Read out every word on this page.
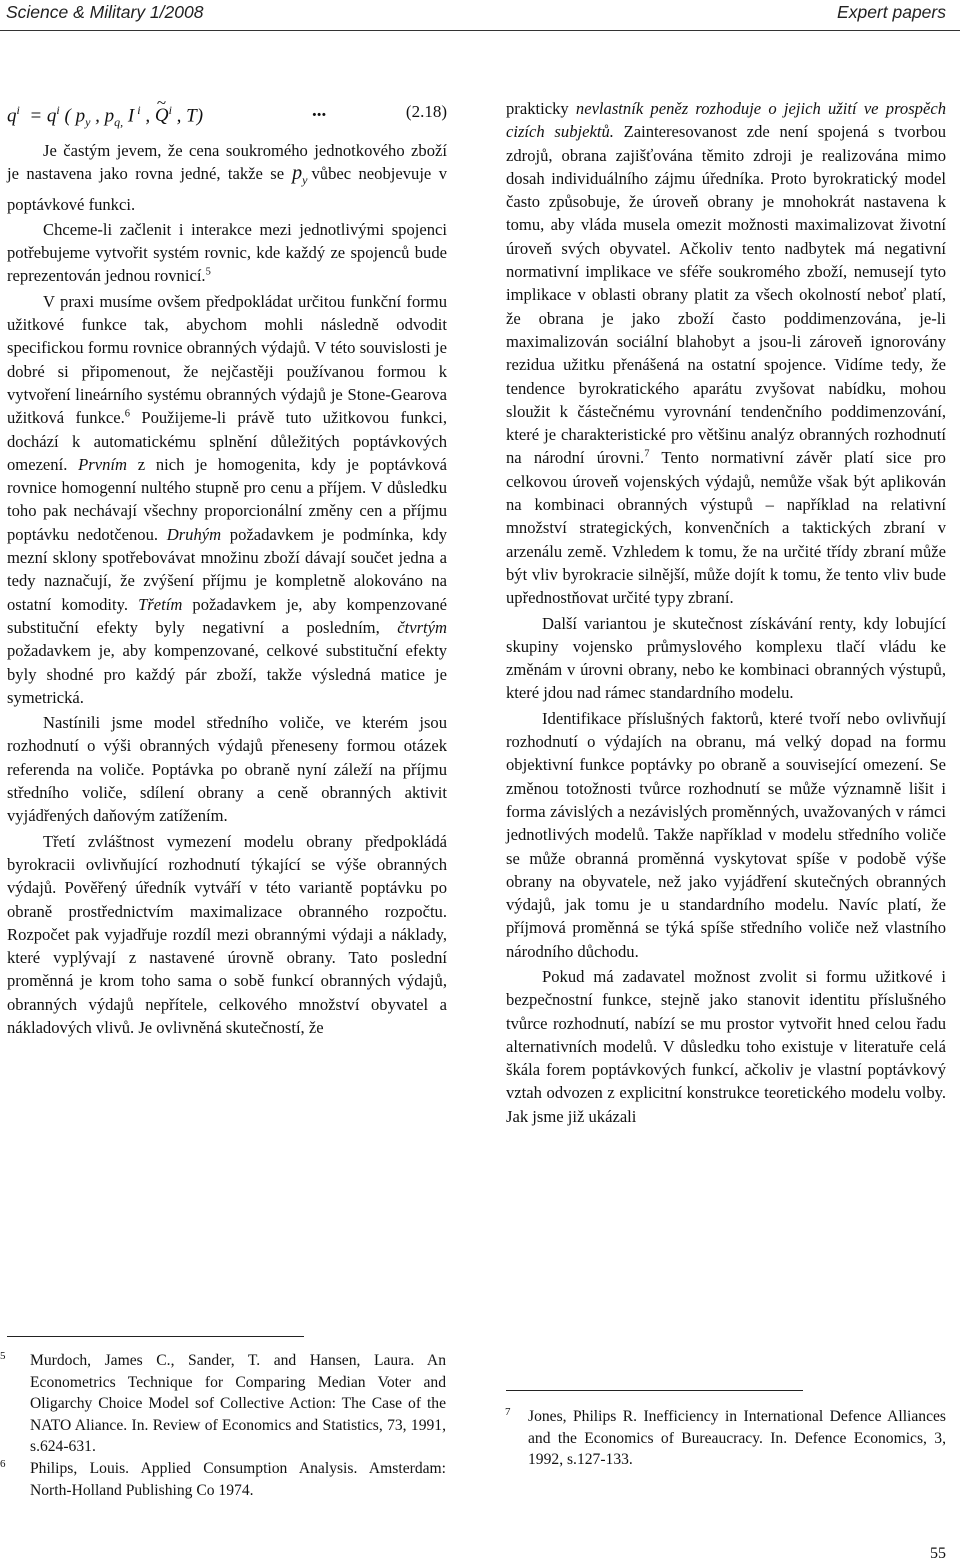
Science & Military 1/2008	Expert papers
$q^i = q^i$ ( $p_y$ , $p_{q,}$ I $^i$ , ~ $Q^i$ , T)	...	(2.18)

Je častým jevem, že cena soukromého jednotkového zboží je nastavena jako rovna jedné, takže se $p_y$ vůbec neobjevuje v poptávkové funkci.

Chceme-li začlenit i interakce mezi jednotlivými spojenci potřebujeme vytvořit systém rovnic, kde každý ze spojenců bude reprezentován jednou rovnicí.$^5$

V praxi musíme ovšem předpokládat určitou funkční formu užitkové funkce tak, abychom mohli následně odvodit specifickou formu rovnice obranných výdajů. V této souvislosti je dobré si připomenout, že nejčastěji používanou formou k vytvoření lineárního systému obranných výdajů je Stone-Gearova užitková funkce.$^6$ Použijeme-li právě tuto užitkovou funkci, dochází k automatickému splnění důležitých poptávkových omezení. Prvním z nich je homogenita, kdy je poptávková rovnice homogenní nultého stupně pro cenu a příjem. V důsledku toho pak nechávají všechny proporcionální změny cen a příjmu poptávku nedotčenou. Druhým požadavkem je podmínka, kdy mezní sklony spotřebovávat množinu zboží dávají součet jedna a tedy naznačují, že zvýšení příjmu je kompletně alokováno na ostatní komodity. Třetím požadavkem je, aby kompenzované substituční efekty byly negativní a posledním, čtvrtým požadavkem je, aby kompenzované, celkové substituční efekty byly shodné pro každý pár zboží, takže výsledná matice je symetrická.

Nastínili jsme model středního voliče, ve kterém jsou rozhodnutí o výši obranných výdajů přeneseny formou otázek referenda na voliče. Poptávka po obraně nyní záleží na příjmu středního voliče, sdílení obrany a ceně obranných aktivit vyjádřených daňovým zatížením.

Třetí zvláštnost vymezení modelu obrany předpokládá byrokracii ovlivňující rozhodnutí týkající se výše obranných výdajů. Pověřený úředník vytváří v této variantě poptávku po obraně prostřednictvím maximalizace obranného rozpočtu. Rozpočet pak vyjadřuje rozdíl mezi obrannými výdaji a náklady, které vyplývají z nastavené úrovně obrany. Tato poslední proměnná je krom toho sama o sobě funkcí obranných výdajů, obranných výdajů nepřítele, celkového množství obyvatel a nákladových vlivů. Je ovlivněná skutečností, že

prakticky nevlastník peněz rozhoduje o jejich užití ve prospěch cizích subjektů. Zainteresovanost zde není spojená s tvorbou zdrojů, obrana zajišťována těmito zdroji je realizována mimo dosah individuálního zájmu úředníka. Proto byrokratický model často způsobuje, že úroveň obrany je mnohokrát nastavena k tomu, aby vláda musela omezit možnosti maximalizovat životní úroveň svých obyvatel. Ačkoliv tento nadbytek má negativní normativní implikace ve sféře soukromého zboží, nemusejí tyto implikace v oblasti obrany platit za všech okolností neboť platí, že obrana je jako zboží často poddimenzována, je-li maximalizován sociální blahobyt a jsou-li zároveň ignorovány rezidua užitku přenášená na ostatní spojence. Vidíme tedy, že tendence byrokratického aparátu zvyšovat nabídku, mohou sloužit k částečnému vyrovnání tendenčního poddimenzování, které je charakteristické pro většinu analýz obranných rozhodnutí na národní úrovni.$^7$ Tento normativní závěr platí sice pro celkovou úroveň vojenských výdajů, nemůže však být aplikován na kombinaci obranných výstupů – například na relativní množství strategických, konvenčních a taktických zbraní v arzenálu země. Vzhledem k tomu, že na určité třídy zbraní může být vliv byrokracie silnější, může dojít k tomu, že tento vliv bude upřednostňovat určité typy zbraní.

Další variantou je skutečnost získávání renty, kdy lobující skupiny vojensko průmyslového komplexu tlačí vládu ke změnám v úrovni obrany, nebo ke kombinaci obranných výstupů, které jdou nad rámec standardního modelu.

Identifikace příslušných faktorů, které tvoří nebo ovlivňují rozhodnutí o výdajích na obranu, má velký dopad na formu objektivní funkce poptávky po obraně a související omezení. Se změnou totožnosti tvůrce rozhodnutí se může významně lišit i forma závislých a nezávislých proměnných, uvažovaných v rámci jednotlivých modelů. Takže například v modelu středního voliče se může obranná proměnná vyskytovat spíše v podobě výše obrany na obyvatele, než jako vyjádření skutečných obranných výdajů, jak tomu je u standardního modelu. Navíc platí, že příjmová proměnná se týká spíše středního voliče než vlastního národního důchodu.

Pokud má zadavatel možnost zvolit si formu užitkové i bezpečnostní funkce, stejně jako stanovit identitu příslušného tvůrce rozhodnutí, nabízí se mu prostor vytvořit hned celou řadu alternativních modelů. V důsledku toho existuje v literatuře celá škála forem poptávkových funkcí, ačkoliv je vlastní poptávkový vztah odvozen z explicitní konstrukce teoretického modelu volby. Jak jsme již ukázali

5 Murdoch, James C., Sander, T. and Hansen, Laura. An Econometrics Technique for Comparing Median Voter and Oligarchy Choice Model sof Collective Action: The Case of the NATO Aliance. In. Review of Economics and Statistics, 73, 1991, s.624-631.

6 Philips, Louis. Applied Consumption Analysis. Amsterdam: North-Holland Publishing Co 1974.

7 Jones, Philips R. Inefficiency in International Defence Alliances and the Economics of Bureaucracy. In. Defence Economics, 3, 1992, s.127-133.

55
